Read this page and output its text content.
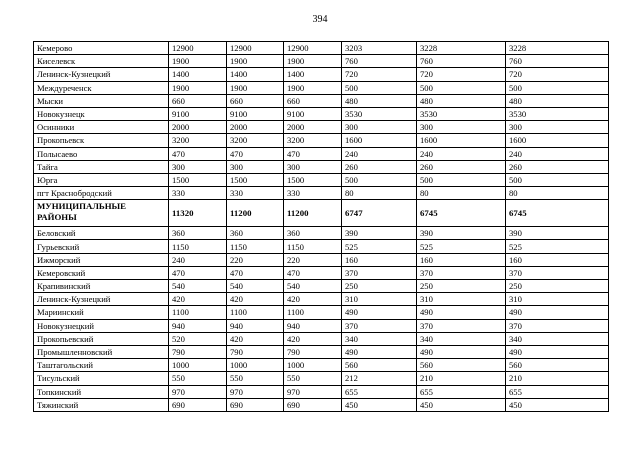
394
Кемерово	12900	12900	12900	3203	3228	3228
Киселевск	1900	1900	1900	760	760	760
Ленинск-Кузнецкий	1400	1400	1400	720	720	720
Междуреченск	1900	1900	1900	500	500	500
Мыски	660	660	660	480	480	480
Новокузнецк	9100	9100	9100	3530	3530	3530
Осинники	2000	2000	2000	300	300	300
Прокопьевск	3200	3200	3200	1600	1600	1600
Полысаево	470	470	470	240	240	240
Тайга	300	300	300	260	260	260
Юрга	1500	1500	1500	500	500	500
пгт Краснобродский	330	330	330	80	80	80
МУНИЦИПАЛЬНЫЕ РАЙОНЫ	11320	11200	11200	6747	6745	6745
Беловский	360	360	360	390	390	390
Гурьевский	1150	1150	1150	525	525	525
Ижморский	240	220	220	160	160	160
Кемеровский	470	470	470	370	370	370
Крапивинский	540	540	540	250	250	250
Ленинск-Кузнецкий	420	420	420	310	310	310
Мариинский	1100	1100	1100	490	490	490
Новокузнецкий	940	940	940	370	370	370
Прокопьевский	520	420	420	340	340	340
Промышленновский	790	790	790	490	490	490
Таштагольский	1000	1000	1000	560	560	560
Тисульский	550	550	550	212	210	210
Топкинский	970	970	970	655	655	655
Тяжинский	690	690	690	450	450	450
